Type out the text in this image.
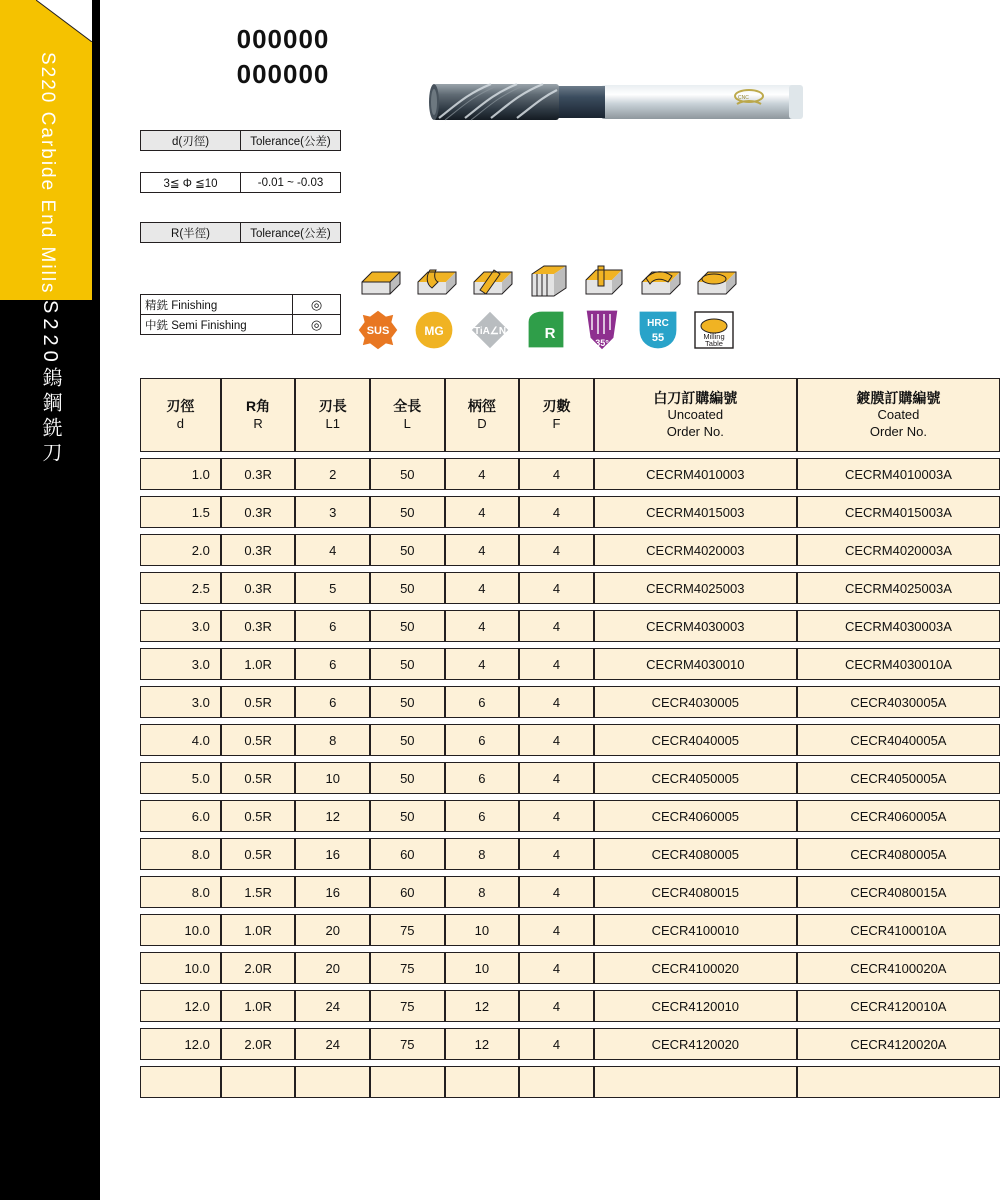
S220 Carbide End Mills
S220鎢鋼銑刀
000000
000000
CNC
d(刃徑)	Tolerance(公差)
3≦ Φ ≦10	-0.01 ~ -0.03
R(半徑)	Tolerance(公差)
精銑 Finishing	◎
中銑 Semi Finishing	◎	SUS	MG	TiA∠N	R
35°
HRC
55	Milling
Table
刃徑
d

R角
R

刃長
L1

全長
L

柄徑
D

刃數
F

白刀訂購編號
Uncoated
Order No.

鍍膜訂購編號
Coated
Order No.

1.0	0.3R	2	50	4	4	CECRM4010003	CECRM4010003A
1.5	0.3R	3	50	4	4	CECRM4015003	CECRM4015003A
2.0	0.3R	4	50	4	4	CECRM4020003	CECRM4020003A
2.5	0.3R	5	50	4	4	CECRM4025003	CECRM4025003A
3.0	0.3R	6	50	4	4	CECRM4030003	CECRM4030003A
3.0	1.0R	6	50	4	4	CECRM4030010	CECRM4030010A
3.0	0.5R	6	50	6	4	CECR4030005	CECR4030005A
4.0	0.5R	8	50	6	4	CECR4040005	CECR4040005A
5.0	0.5R	10	50	6	4	CECR4050005	CECR4050005A
6.0	0.5R	12	50	6	4	CECR4060005	CECR4060005A
8.0	0.5R	16	60	8	4	CECR4080005	CECR4080005A
8.0	1.5R	16	60	8	4	CECR4080015	CECR4080015A
10.0	1.0R	20	75	10	4	CECR4100010	CECR4100010A
10.0	2.0R	20	75	10	4	CECR4100020	CECR4100020A
12.0	1.0R	24	75	12	4	CECR4120010	CECR4120010A
12.0	2.0R	24	75	12	4	CECR4120020	CECR4120020A
